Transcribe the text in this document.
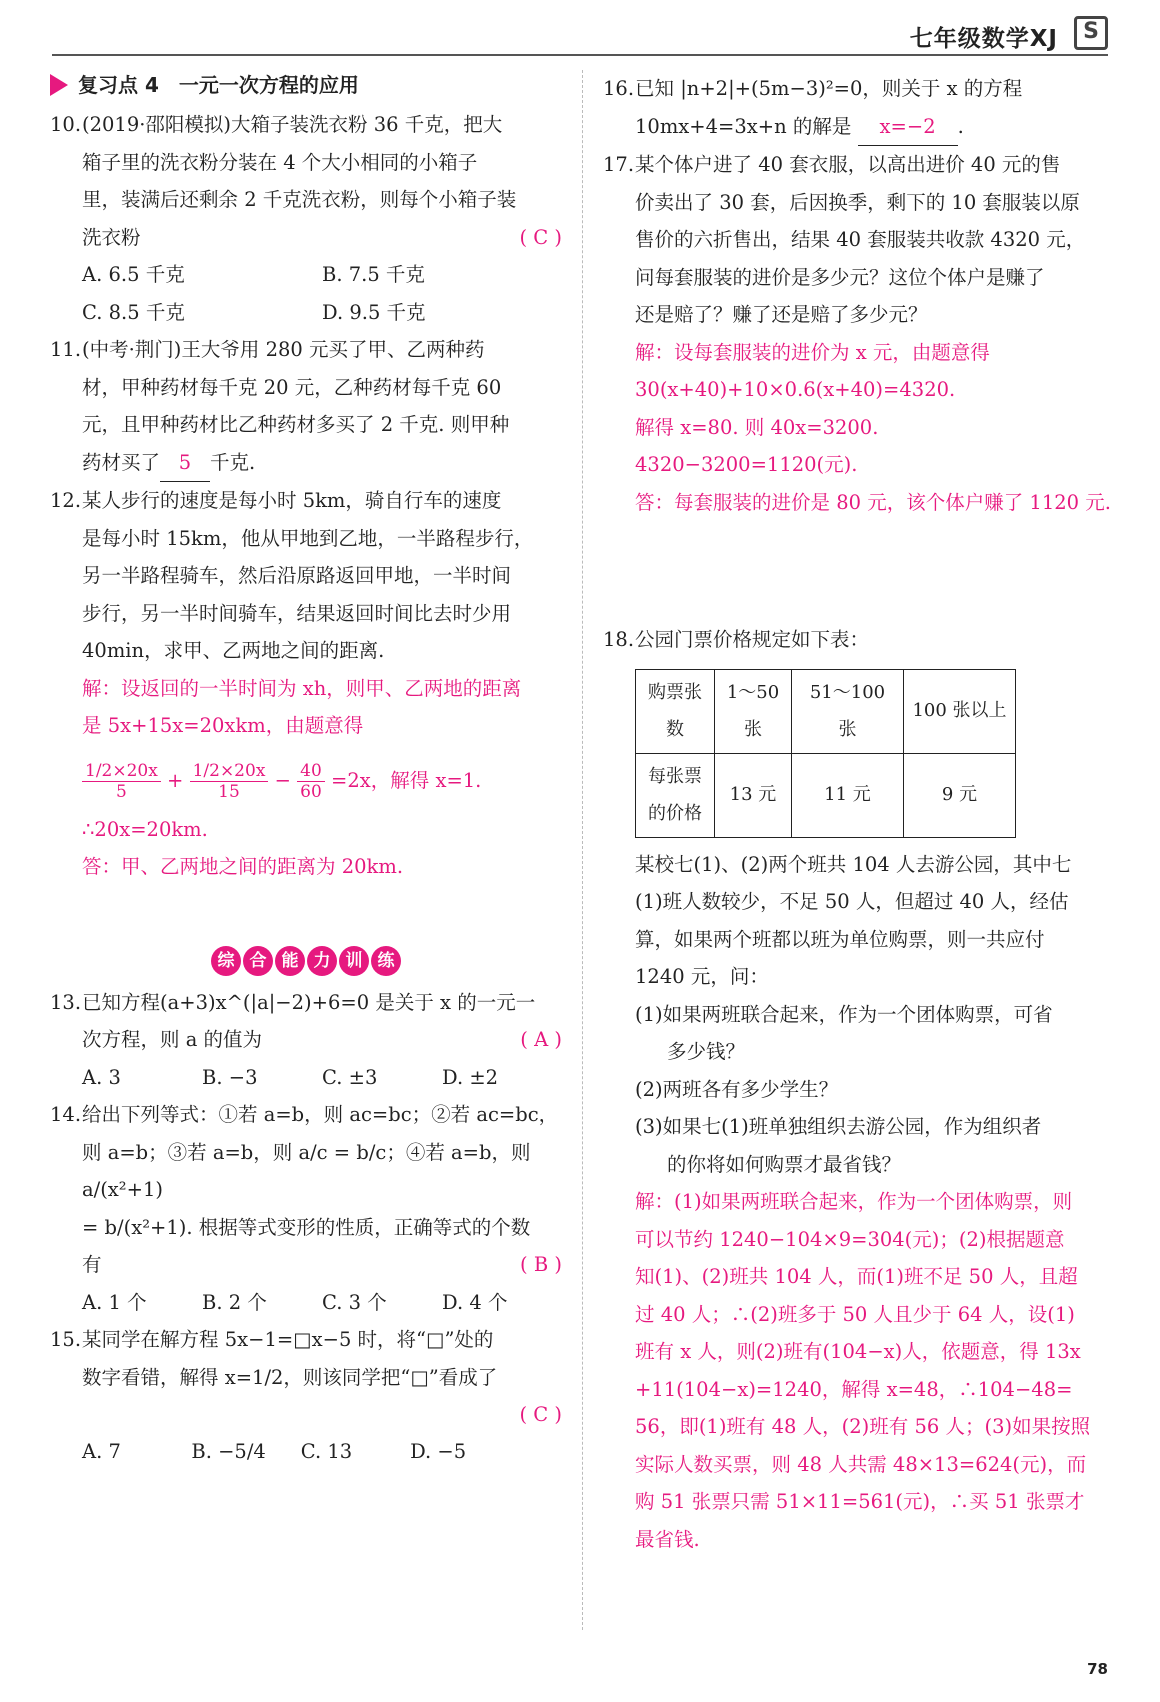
七年级数学XJ	S
复习点 4　一元一次方程的应用
10.(2019·邵阳模拟)大箱子装洗衣粉 36 千克，把大
箱子里的洗衣粉分装在 4 个大小相同的小箱子
里，装满后还剩余 2 千克洗衣粉，则每个小箱子装
洗衣粉	( C )
A. 6.5 千克	B. 7.5 千克
C. 8.5 千克	D. 9.5 千克
11.(中考·荆门)王大爷用 280 元买了甲、乙两种药
材，甲种药材每千克 20 元，乙种药材每千克 60
元，且甲种药材比乙种药材多买了 2 千克. 则甲种
药材买了 5 千克.
12.某人步行的速度是每小时 5km，骑自行车的速度
是每小时 15km，他从甲地到乙地，一半路程步行，
另一半路程骑车，然后沿原路返回甲地，一半时间
步行，另一半时间骑车，结果返回时间比去时少用
40min，求甲、乙两地之间的距离.
解：设返回的一半时间为 xh，则甲、乙两地的距离
是 5x+15x=20xkm，由题意得
$\frac{1/2\times 20x}{5} + \frac{1/2\times 20x}{15} - \frac{40}{60} =2x$，解得 x=1.
∴20x=20km.
答：甲、乙两地之间的距离为 20km.
综 合 能 力 训 练
13.已知方程(a+3)x^(|a|−2)+6=0 是关于 x 的一元一
次方程，则 a 的值为	( A )
A. 3	B. −3	C. ±3	D. ±2
14.给出下列等式：①若 a=b，则 ac=bc；②若 ac=bc，
则 a=b；③若 a=b，则 a/c = b/c；④若 a=b，则 a/(x²+1)
= b/(x²+1). 根据等式变形的性质，正确等式的个数
有	( B )
A. 1 个	B. 2 个	C. 3 个	D. 4 个
15.某同学在解方程 5x−1=□x−5 时，将“□”处的
数字看错，解得 x=1/2，则该同学把“□”看成了
( C )
A. 7	B. −5/4	C. 13	D. −5
16.已知 |n+2|+(5m−3)²=0，则关于 x 的方程
10mx+4=3x+n 的解是 x=−2 .
17.某个体户进了 40 套衣服，以高出进价 40 元的售
价卖出了 30 套，后因换季，剩下的 10 套服装以原
售价的六折售出，结果 40 套服装共收款 4320 元，
问每套服装的进价是多少元？这位个体户是赚了
还是赔了？赚了还是赔了多少元？
解：设每套服装的进价为 x 元，由题意得
30(x+40)+10×0.6(x+40)=4320.
解得 x=80. 则 40x=3200.
4320−3200=1120(元).
答：每套服装的进价是 80 元，该个体户赚了 1120 元.
18.公园门票价格规定如下表：
购票张数	1～50 张	51～100 张	100 张以上
每张票的价格	13 元	11 元	9 元
某校七(1)、(2)两个班共 104 人去游公园，其中七
(1)班人数较少，不足 50 人，但超过 40 人，经估
算，如果两个班都以班为单位购票，则一共应付
1240 元，问：
(1)如果两班联合起来，作为一个团体购票，可省
多少钱？
(2)两班各有多少学生？
(3)如果七(1)班单独组织去游公园，作为组织者
的你将如何购票才最省钱？
解：(1)如果两班联合起来，作为一个团体购票，则
可以节约 1240−104×9=304(元)；(2)根据题意
知(1)、(2)班共 104 人，而(1)班不足 50 人，且超
过 40 人；∴(2)班多于 50 人且少于 64 人，设(1)
班有 x 人，则(2)班有(104−x)人，依题意，得 13x
+11(104−x)=1240，解得 x=48，∴104−48=
56，即(1)班有 48 人，(2)班有 56 人；(3)如果按照
实际人数买票，则 48 人共需 48×13=624(元)，而
购 51 张票只需 51×11=561(元)，∴买 51 张票才
最省钱.
78
